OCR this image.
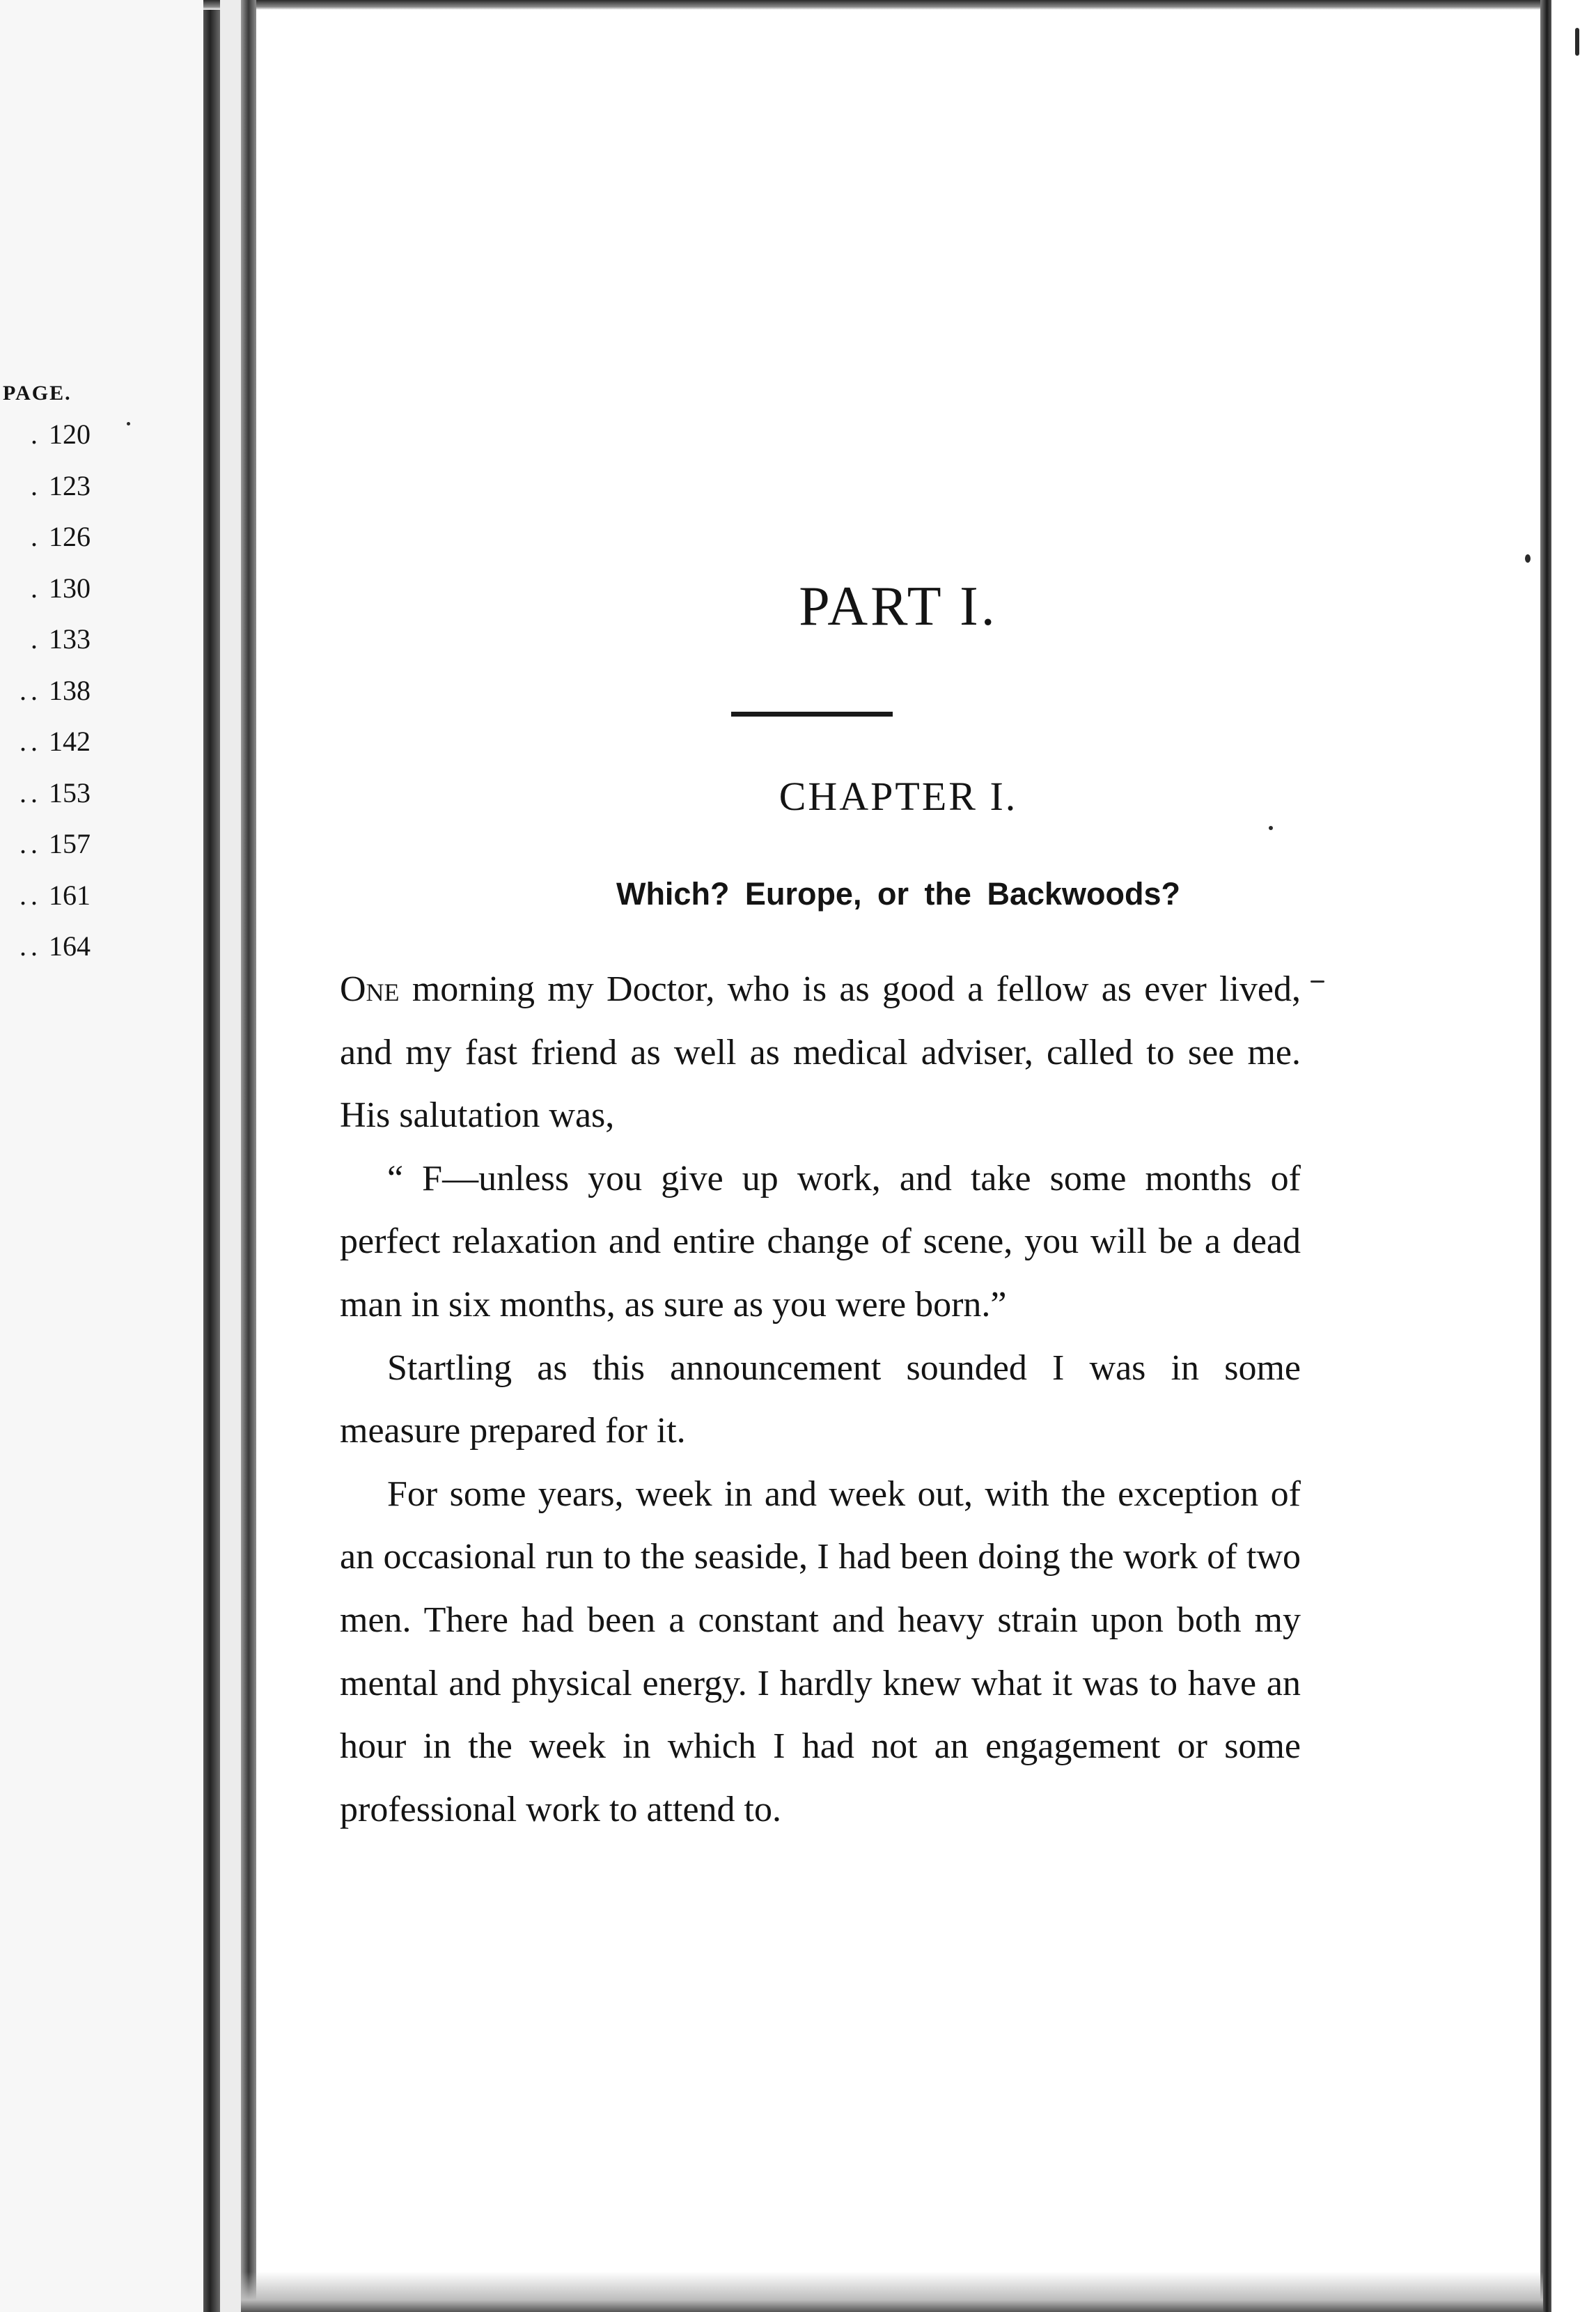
PAGE.
. 120
. 123
. 126
. 130
. 133
.. 138
.. 142
.. 153
.. 157
.. 161
.. 164
PART I.
CHAPTER I.
Which? Europe, or the Backwoods?

One morning my Doctor, who is as good a fellow as ever lived, and my fast friend as well as medical adviser, called to see me. His salutation was,

“ F—unless you give up work, and take some months of perfect relaxation and entire change of scene, you will be a dead man in six months, as sure as you were born.”

Startling as this announcement sounded I was in some measure prepared for it.

For some years, week in and week out, with the exception of an occasional run to the seaside, I had been doing the work of two men. There had been a constant and heavy strain upon both my mental and physical energy. I hardly knew what it was to have an hour in the week in which I had not an engagement or some professional work to attend to.
